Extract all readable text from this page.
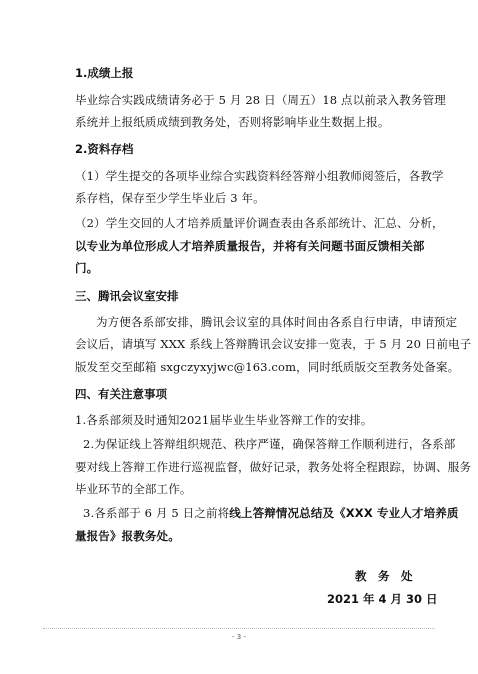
1.成绩上报
毕业综合实践成绩请务必于 5 月 28 日（周五）18 点以前录入教务管理
系统并上报纸质成绩到教务处，否则将影响毕业生数据上报。
2.资料存档
（1）学生提交的各项毕业综合实践资料经答辩小组教师阅签后，各教学
系存档，保存至少学生毕业后 3 年。
（2）学生交回的人才培养质量评价调查表由各系部统计、汇总、分析，
以专业为单位形成人才培养质量报告，并将有关问题书面反馈相关部
门。
三、腾讯会议室安排
为方便各系部安排，腾讯会议室的具体时间由各系自行申请，申请预定
会议后，请填写 XXX 系线上答辩腾讯会议安排一览表，于 5 月 20 日前电子
版发至交至邮箱 sxgczyxyjwc@163.com，同时纸质版交至教务处备案。
四、有关注意事项
1.各系部须及时通知2021届毕业生毕业答辩工作的安排。
2.为保证线上答辩组织规范、秩序严谨，确保答辩工作顺利进行，各系部
要对线上答辩工作进行巡视监督，做好记录，教务处将全程跟踪，协调、服务
毕业环节的全部工作。
3.各系部于 6 月 5 日之前将线上答辩情况总结及《XXX 专业人才培养质
量报告》报教务处。
教　务　处
2021 年 4 月 30 日
- 3 -
